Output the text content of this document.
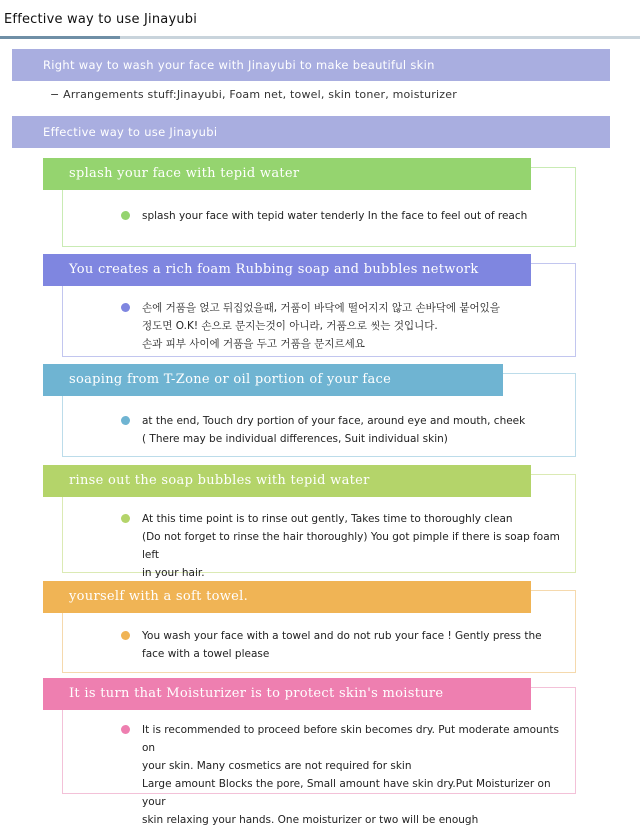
Effective way to use Jinayubi
Right way to wash your face with Jinayubi to make beautiful skin
− Arrangements stuff:Jinayubi, Foam net, towel, skin toner, moisturizer
Effective way to use Jinayubi
splash your face with tepid water
splash your face with tepid water tenderly In the face to feel out of reach
You creates a rich foam Rubbing soap and bubbles network
손에 거품을 얹고 뒤집었을때, 거품이 바닥에 떨어지지 않고 손바닥에 붙어있을
정도면 O.K! 손으로 문지는것이 아니라, 거품으로 씻는 것입니다.
손과 피부 사이에 거품을 두고 거품을 문지르세요
soaping from T-Zone or oil portion of your face
at the end, Touch dry portion of your face, around eye and mouth, cheek
( There may be individual differences, Suit individual skin)
rinse out the soap bubbles with tepid water
At this time point is to rinse out gently, Takes time to thoroughly clean
(Do not forget to rinse the hair thoroughly) You got pimple if there is soap foam left
in your hair.
yourself with a soft towel.
You wash your face with a towel and do not rub your face ! Gently press the
face with a towel please
It is turn that Moisturizer is to protect skin's moisture
It is recommended to proceed before skin becomes dry. Put moderate amounts on
your skin. Many cosmetics are not required for skin
Large amount Blocks the pore, Small amount have skin dry.Put Moisturizer on your
skin relaxing your hands. One moisturizer or two will be enough
